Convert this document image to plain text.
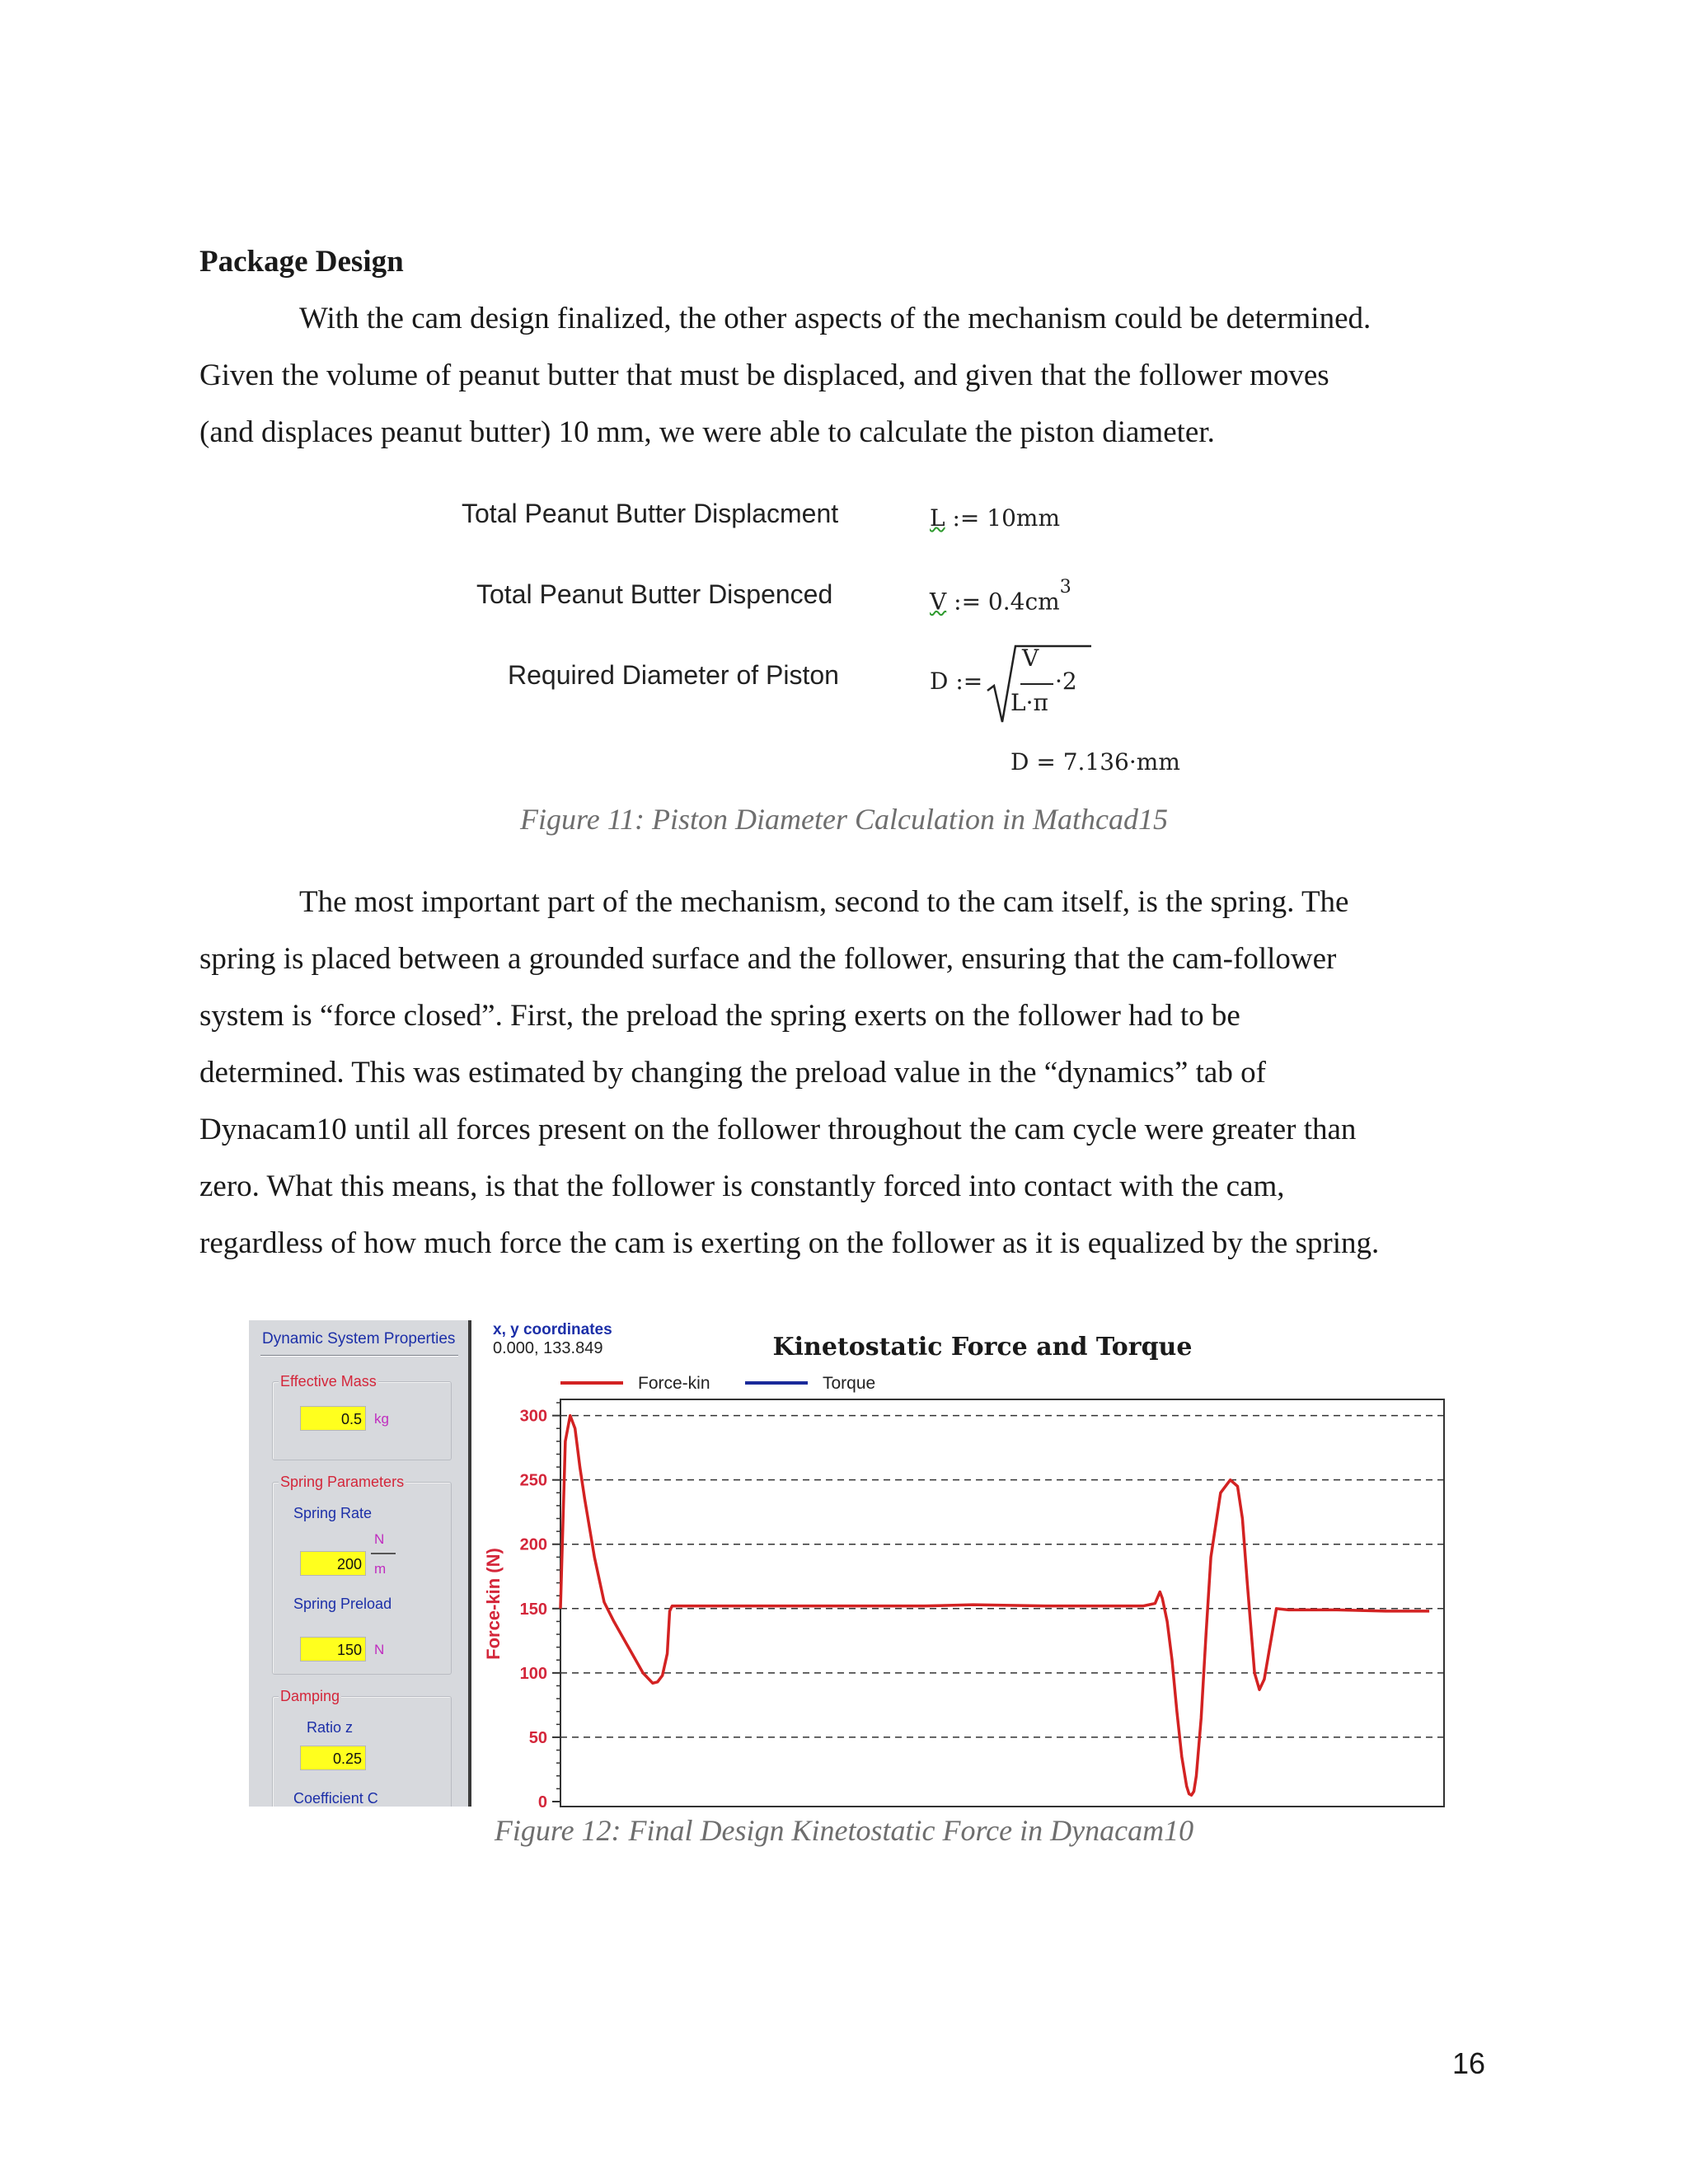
Package Design
With the cam design finalized, the other aspects of the mechanism could be determined.
Given the volume of peanut butter that must be displaced, and given that the follower moves
(and displaces peanut butter) 10 mm, we were able to calculate the piston diameter.
Total Peanut Butter Displacment	L := 10mm
Total Peanut Butter Dispenced	V := $0.4cm^3$
Required Diameter of Piston	D :=
V
L·π
·2
D = 7.136·mm
Figure 11: Piston Diameter Calculation in Mathcad15
The most important part of the mechanism, second to the cam itself, is the spring. The
spring is placed between a grounded surface and the follower, ensuring that the cam-follower
system is “force closed”. First, the preload the spring exerts on the follower had to be
determined. This was estimated by changing the preload value in the “dynamics” tab of
Dynacam10 until all forces present on the follower throughout the cam cycle were greater than
zero. What this means, is that the follower is constantly forced into contact with the cam,
regardless of how much force the cam is exerting on the follower as it is equalized by the spring.
Dynamic System Properties
Effective Mass
0.5 kg
Spring Parameters
Spring Rate
200
N
m
Spring Preload
150 N
Damping
Ratio z
0.25
Coefficient C
x, y coordinates
0.000, 133.849	Kinetostatic Force and Torque
Force-kin	Torque
Force-kin (N)
0
50
100
150
200
250
300
Figure 12: Final Design Kinetostatic Force in Dynacam10
16
